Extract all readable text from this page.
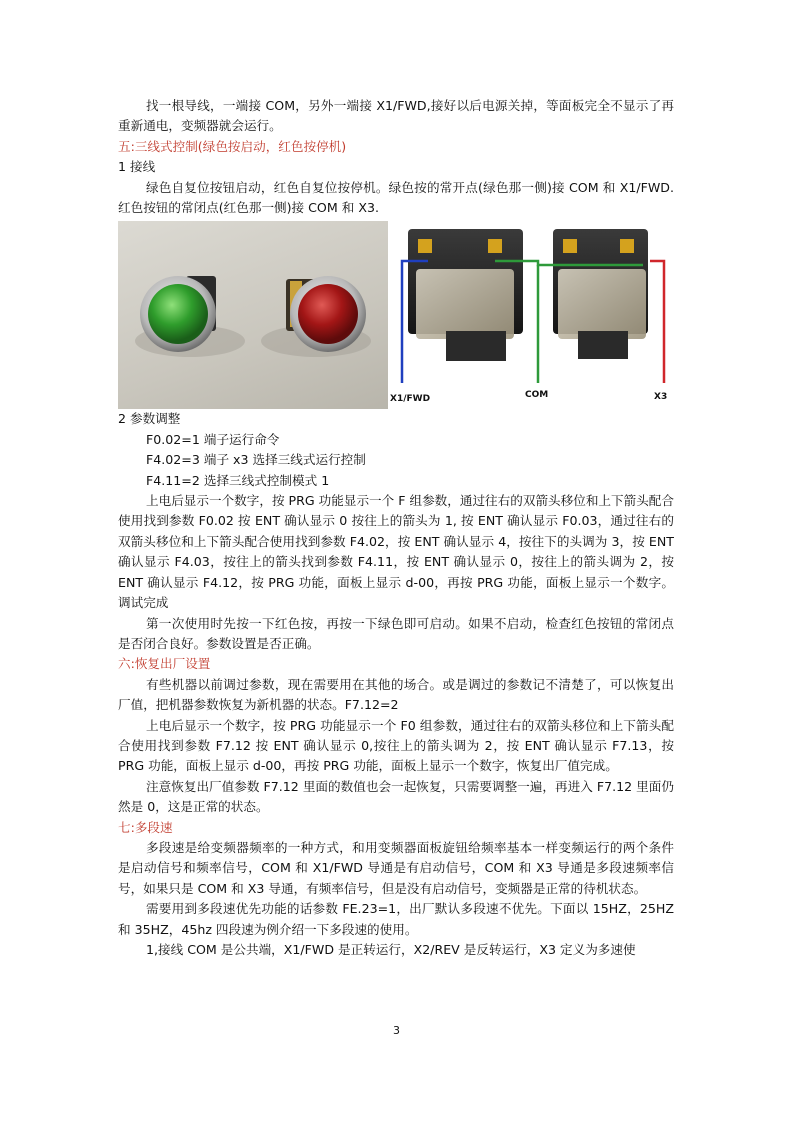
找一根导线，一端接 COM，另外一端接 X1/FWD,接好以后电源关掉，等面板完全不显示了再重新通电，变频器就会运行。

五:三线式控制(绿色按启动，红色按停机)

1 接线

绿色自复位按钮启动，红色自复位按停机。绿色按的常开点(绿色那一侧)接 COM 和 X1/FWD.红色按钮的常闭点(红色那一侧)接 COM 和 X3.

X1/FWD	COM	X3

2 参数调整

F0.02=1 端子运行命令

F4.02=3 端子 x3 选择三线式运行控制

F4.11=2 选择三线式控制模式 1

上电后显示一个数字，按 PRG 功能显示一个 F 组参数，通过往右的双箭头移位和上下箭头配合使用找到参数 F0.02 按 ENT 确认显示 0 按往上的箭头为 1, 按 ENT 确认显示 F0.03，通过往右的双箭头移位和上下箭头配合使用找到参数 F4.02，按 ENT 确认显示 4，按往下的头调为 3，按 ENT 确认显示 F4.03，按往上的箭头找到参数 F4.11，按 ENT 确认显示 0，按往上的箭头调为 2，按 ENT 确认显示 F4.12，按 PRG 功能，面板上显示 d-00，再按 PRG 功能，面板上显示一个数字。调试完成

第一次使用时先按一下红色按，再按一下绿色即可启动。如果不启动，检查红色按钮的常闭点是否闭合良好。参数设置是否正确。

六:恢复出厂设置

有些机器以前调过参数，现在需要用在其他的场合。或是调过的参数记不清楚了，可以恢复出厂值，把机器参数恢复为新机器的状态。F7.12=2

上电后显示一个数字，按 PRG 功能显示一个 F0 组参数，通过往右的双箭头移位和上下箭头配合使用找到参数 F7.12 按 ENT 确认显示 0,按往上的箭头调为 2，按 ENT 确认显示 F7.13，按 PRG 功能，面板上显示 d-00，再按 PRG 功能，面板上显示一个数字，恢复出厂值完成。

注意恢复出厂值参数 F7.12 里面的数值也会一起恢复，只需要调整一遍，再进入 F7.12 里面仍然是 0，这是正常的状态。

七:多段速

多段速是给变频器频率的一种方式，和用变频器面板旋钮给频率基本一样变频运行的两个条件是启动信号和频率信号，COM 和 X1/FWD 导通是有启动信号，COM 和 X3 导通是多段速频率信号，如果只是 COM 和 X3 导通，有频率信号，但是没有启动信号，变频器是正常的待机状态。

需要用到多段速优先功能的话参数 FE.23=1，出厂默认多段速不优先。下面以 15HZ，25HZ 和 35HZ，45hz 四段速为例介绍一下多段速的使用。

1,接线 COM 是公共端，X1/FWD 是正转运行，X2/REV 是反转运行，X3 定义为多速使

3
